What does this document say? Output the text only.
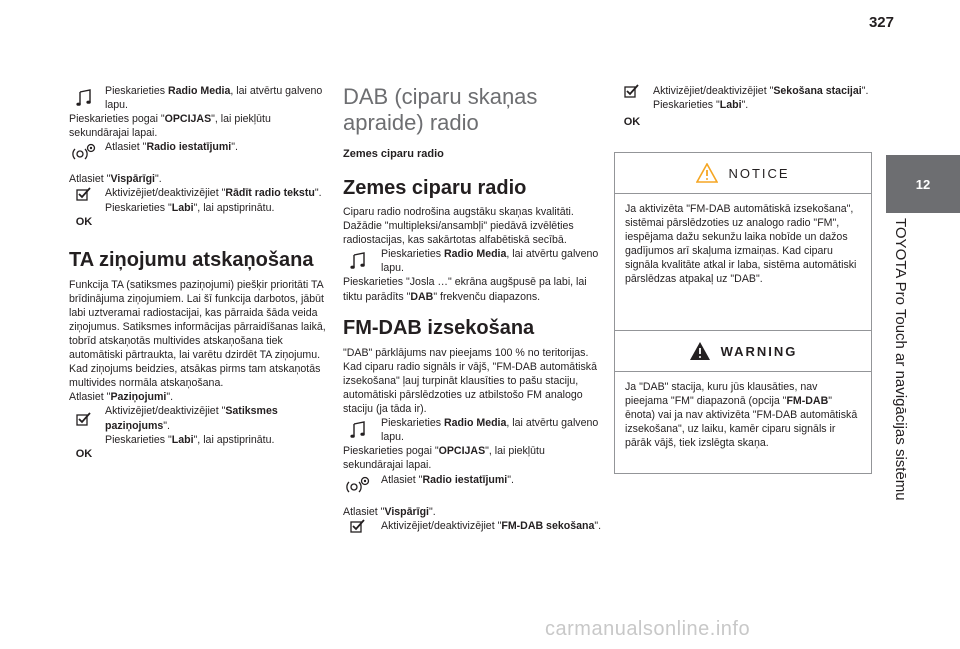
327
12
TOYOTA Pro Touch ar navigācijas sistēmu
Pieskarieties Radio Media, lai atvērtu galveno lapu.

Pieskarieties pogai "OPCIJAS", lai piekļūtu sekundārajai lapai.

Atlasiet "Radio iestatījumi".

Atlasiet "Vispārīgi".

Aktivizējiet/deaktivizējiet "Rādīt radio tekstu".
OK
Pieskarieties "Labi", lai apstiprinātu.
TA ziņojumu atskaņošana

Funkcija TA (satiksmes paziņojumi) piešķir prioritāti TA brīdinājuma ziņojumiem. Lai šī funkcija darbotos, jābūt labi uztveramai radiostacijai, kas pārraida šāda veida ziņojumus. Satiksmes informācijas pārraidīšanas laikā, tobrīd atskaņotās multivides atskaņošana tiek automātiski pārtraukta, lai varētu dzirdēt TA ziņojumu. Kad ziņojums beidzies, atsākas pirms tam atskaņotās multivides normāla atskaņošana.

Atlasiet "Paziņojumi".

Aktivizējiet/deaktivizējiet "Satiksmes paziņojums".
OK
Pieskarieties "Labi", lai apstiprinātu.
DAB (ciparu skaņas apraide) radio
Zemes ciparu radio
Zemes ciparu radio

Ciparu radio nodrošina augstāku skaņas kvalitāti. Dažādie "multipleksi/ansambļi" piedāvā izvēlēties radiostacijas, kas sakārtotas alfabētiskā secībā.

Pieskarieties Radio Media, lai atvērtu galveno lapu.

Pieskarieties "Josla …" ekrāna augšpusē pa labi, lai tiktu parādīts "DAB" frekvenču diapazons.

FM-DAB izsekošana

"DAB" pārklājums nav pieejams 100 % no teritorijas. Kad ciparu radio signāls ir vājš, "FM-DAB automātiskā izsekošana" ļauj turpināt klausīties to pašu staciju, automātiski pārslēdzoties uz atbilstošo FM analogo staciju (ja tāda ir).

Pieskarieties Radio Media, lai atvērtu galveno lapu.

Pieskarieties pogai "OPCIJAS", lai piekļūtu sekundārajai lapai.

Atlasiet "Radio iestatījumi".

Atlasiet "Vispārīgi".

Aktivizējiet/deaktivizējiet "FM-DAB sekošana".
Aktivizējiet/deaktivizējiet "Sekošana stacijai".
OK
Pieskarieties "Labi".
NOTICE
Ja aktivizēta "FM-DAB automātiskā izsekošana", sistēmai pārslēdzoties uz analogo radio "FM", iespējama dažu sekunžu laika nobīde un dažos gadījumos arī skaļuma izmaiņas. Kad ciparu signāla kvalitāte atkal ir laba, sistēma automātiski pārslēdzas atpakaļ uz "DAB".
WARNING
Ja "DAB" stacija, kuru jūs klausāties, nav pieejama "FM" diapazonā (opcija "FM-DAB" ēnota) vai ja nav aktivizēta "FM-DAB automātiskā izsekošana", uz laiku, kamēr ciparu signāls ir pārāk vājš, tiek izslēgta skaņa.
carmanualsonline.info
